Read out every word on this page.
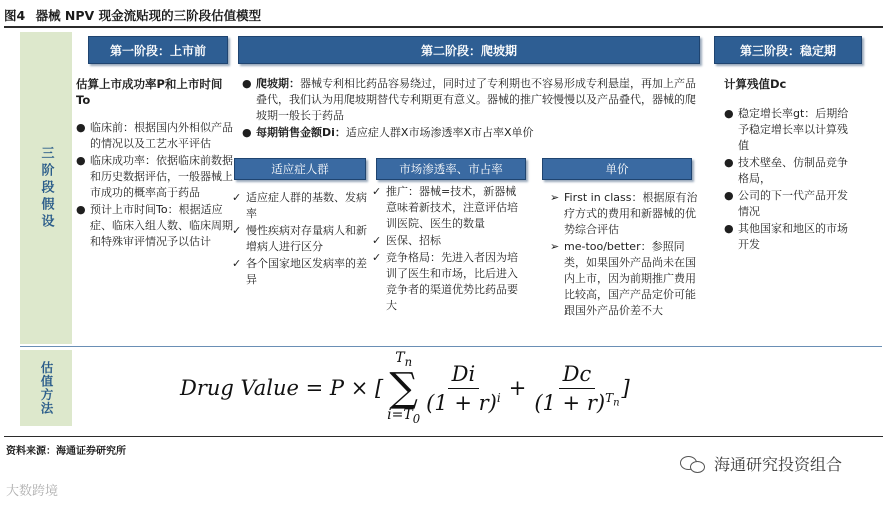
图4 器械 NPV 现金流贴现的三阶段估值模型
三阶段假设
估值方法
第一阶段：上市前	第二阶段：爬坡期	第三阶段：稳定期
估算上市成功率P和上市时间To
● 临床前：根据国内外相似产品的情况以及工艺水平评估
● 临床成功率：依据临床前数据和历史数据评估，一般器械上市成功的概率高于药品
● 预计上市时间To：根据适应症、临床入组人数、临床周期和特殊审评情况予以估计
● 爬坡期：器械专利相比药品容易绕过，同时过了专利期也不容易形成专利悬崖，再加上产品叠代，我们认为用爬坡期替代专利期更有意义。器械的推广较慢慢以及产品叠代，器械的爬坡期一般长于药品
● 每期销售金额Di：适应症人群X市场渗透率X市占率X单价
适应症人群	市场渗透率、市占率	单价
✓ 适应症人群的基数、发病率
✓ 慢性疾病对存量病人和新增病人进行区分
✓ 各个国家地区发病率的差异
✓ 推广：器械=技术，新器械意味着新技术，注意评估培训医院、医生的数量
✓ 医保、招标
✓ 竞争格局：先进入者因为培训了医生和市场，比后进入竞争者的渠道优势比药品要大
➢ First in class：根据原有治疗方式的费用和新器械的优势综合评估
➢ me-too/better：参照同类，如果国外产品尚未在国内上市，因为前期推广费用比较高，国产产品定价可能跟国外产品价差不大
计算残值Dc
● 稳定增长率gt：后期给予稳定增长率以计算残值
● 技术壁垒、仿制品竞争格局，
● 公司的下一代产品开发情况
● 其他国家和地区的市场开发
Drug Value = P × [
$T_n$
∑
$i=T_0$
$\frac{Di}{(1 + r)^i} + \frac{Dc}{(1 + r)^{T_n}}$ ]
资料来源：海通证券研究所
海通研究投资组合
大数跨境
